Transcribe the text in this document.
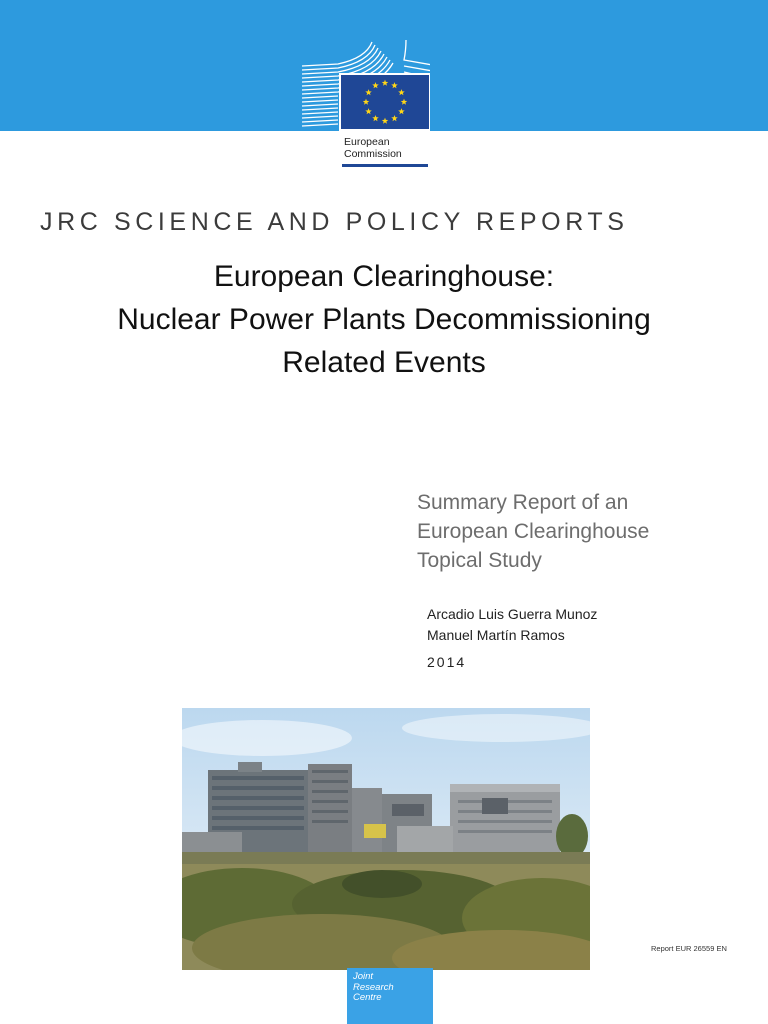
European
Commission
JRC SCIENCE AND POLICY REPORTS
European Clearinghouse:
Nuclear Power Plants Decommissioning
Related Events
Summary Report of an
European Clearinghouse
Topical Study
Arcadio Luis Guerra Munoz
Manuel Martín Ramos
2014
Report EUR 26559 EN
Joint
Research
Centre
